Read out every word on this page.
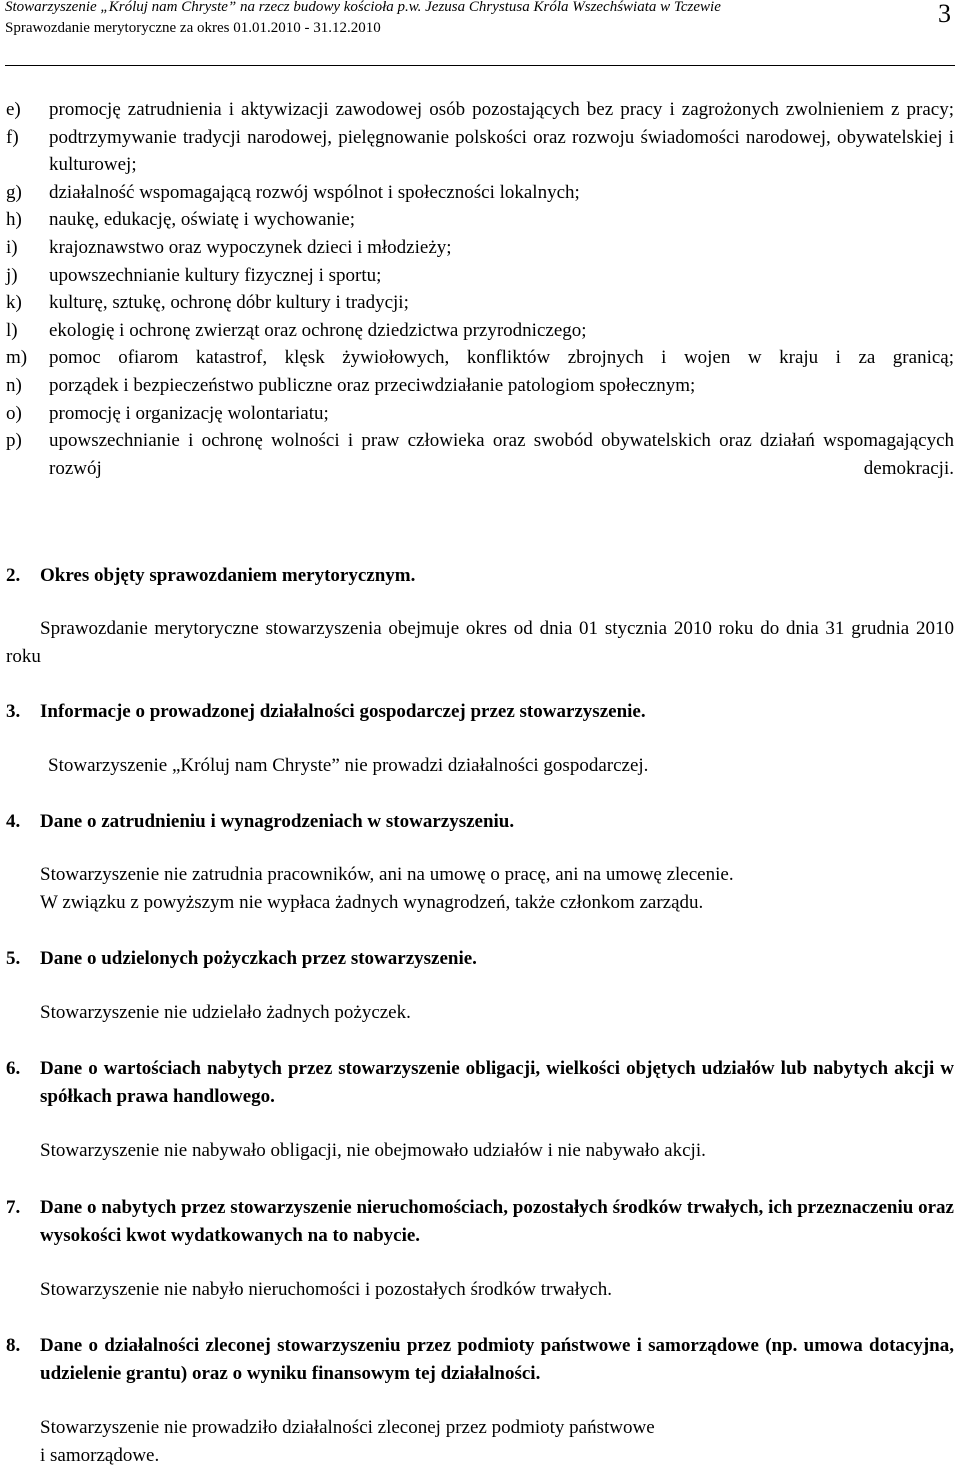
Stowarzyszenie „Króluj nam Chryste” na rzecz budowy kościoła p.w. Jezusa Chrystusa Króla Wszechświata w Tczewie
Sprawozdanie merytoryczne za okres 01.01.2010 - 31.12.2010	3
e) promocję zatrudnienia i aktywizacji zawodowej osób pozostających bez pracy i zagrożonych zwolnieniem z pracy;
f) podtrzymywanie tradycji narodowej, pielęgnowanie polskości oraz rozwoju świadomości narodowej, obywatelskiej i kulturowej;
g) działalność wspomagającą rozwój wspólnot i społeczności lokalnych;
h) naukę, edukację, oświatę i wychowanie;
i) krajoznawstwo oraz wypoczynek dzieci i młodzieży;
j) upowszechnianie kultury fizycznej i sportu;
k) kulturę, sztukę, ochronę dóbr kultury i tradycji;
l) ekologię i ochronę zwierząt oraz ochronę dziedzictwa przyrodniczego;
m) pomoc ofiarom katastrof, klęsk żywiołowych, konfliktów zbrojnych i wojen w kraju i za granicą;
n) porządek i bezpieczeństwo publiczne oraz przeciwdziałanie patologiom społecznym;
o) promocję i organizację wolontariatu;
p) upowszechnianie i ochronę wolności i praw człowieka oraz swobód obywatelskich oraz działań wspomagających rozwój demokracji.
2. Okres objęty sprawozdaniem merytorycznym.
Sprawozdanie merytoryczne stowarzyszenia obejmuje okres od dnia 01 stycznia 2010 roku do dnia 31 grudnia 2010 roku
3. Informacje o prowadzonej działalności gospodarczej przez stowarzyszenie.
Stowarzyszenie „Króluj nam Chryste” nie prowadzi działalności gospodarczej.
4. Dane o zatrudnieniu i wynagrodzeniach w stowarzyszeniu.
Stowarzyszenie nie zatrudnia pracowników, ani na umowę o pracę, ani na umowę zlecenie.
W związku z powyższym nie wypłaca żadnych wynagrodzeń, także członkom zarządu.
5. Dane o udzielonych pożyczkach przez stowarzyszenie.
Stowarzyszenie nie udzielało żadnych pożyczek.
6. Dane o wartościach nabytych przez stowarzyszenie obligacji, wielkości objętych udziałów lub nabytych akcji w spółkach prawa handlowego.
Stowarzyszenie nie nabywało obligacji, nie obejmowało udziałów i nie nabywało akcji.
7. Dane o nabytych przez stowarzyszenie nieruchomościach, pozostałych środków trwałych, ich przeznaczeniu oraz wysokości kwot wydatkowanych na to nabycie.
Stowarzyszenie nie nabyło nieruchomości i pozostałych środków trwałych.
8. Dane o działalności zleconej stowarzyszeniu przez podmioty państwowe i samorządowe (np. umowa dotacyjna, udzielenie grantu) oraz o wyniku finansowym tej działalności.
Stowarzyszenie nie prowadziło działalności zleconej przez podmioty państwowe
i samorządowe.
